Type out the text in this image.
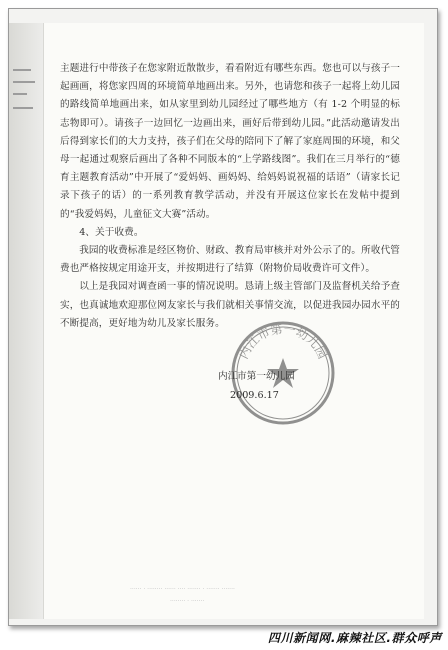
主题进行中带孩子在您家附近散散步，看看附近有哪些东西。您也可以与孩子一起画画，将您家四周的环境简单地画出来。另外，也请您和孩子一起将上幼儿园的路线简单地画出来，如从家里到幼儿园经过了哪些地方（有 1-2 个明显的标志物即可）。请孩子一边回忆一边画出来，画好后带到幼儿园。”此活动邀请发出后得到家长们的大力支持，孩子们在父母的陪同下了解了家庭周围的环境，和父母一起通过观察后画出了各种不同版本的“上学路线图”。我们在三月举行的“德育主题教育活动”中开展了“爱妈妈、画妈妈、给妈妈说祝福的话语”（请家长记录下孩子的话）的一系列教育教学活动，并没有开展这位家长在发帖中提到的“我爱妈妈，儿童征文大赛”活动。

4、关于收费。

我园的收费标准是经区物价、财政、教育局审核并对外公示了的。所收代管费也严格按规定用途开支，并按期进行了结算（附物价局收费许可文件）。

以上是我园对调查函一事的情况说明。恳请上级主管部门及监督机关给予查实，也真诚地欢迎那位网友家长与我们就相关事情交流，以促进我园办园水平的不断提高，更好地为幼儿及家长服务。

内江市第一幼儿园
内江市第一幼儿园
2009.6.17
······ · ········ ······ ···· ······· · ······· ·······
········ · ·······
四川新闻网.麻辣社区.群众呼声
